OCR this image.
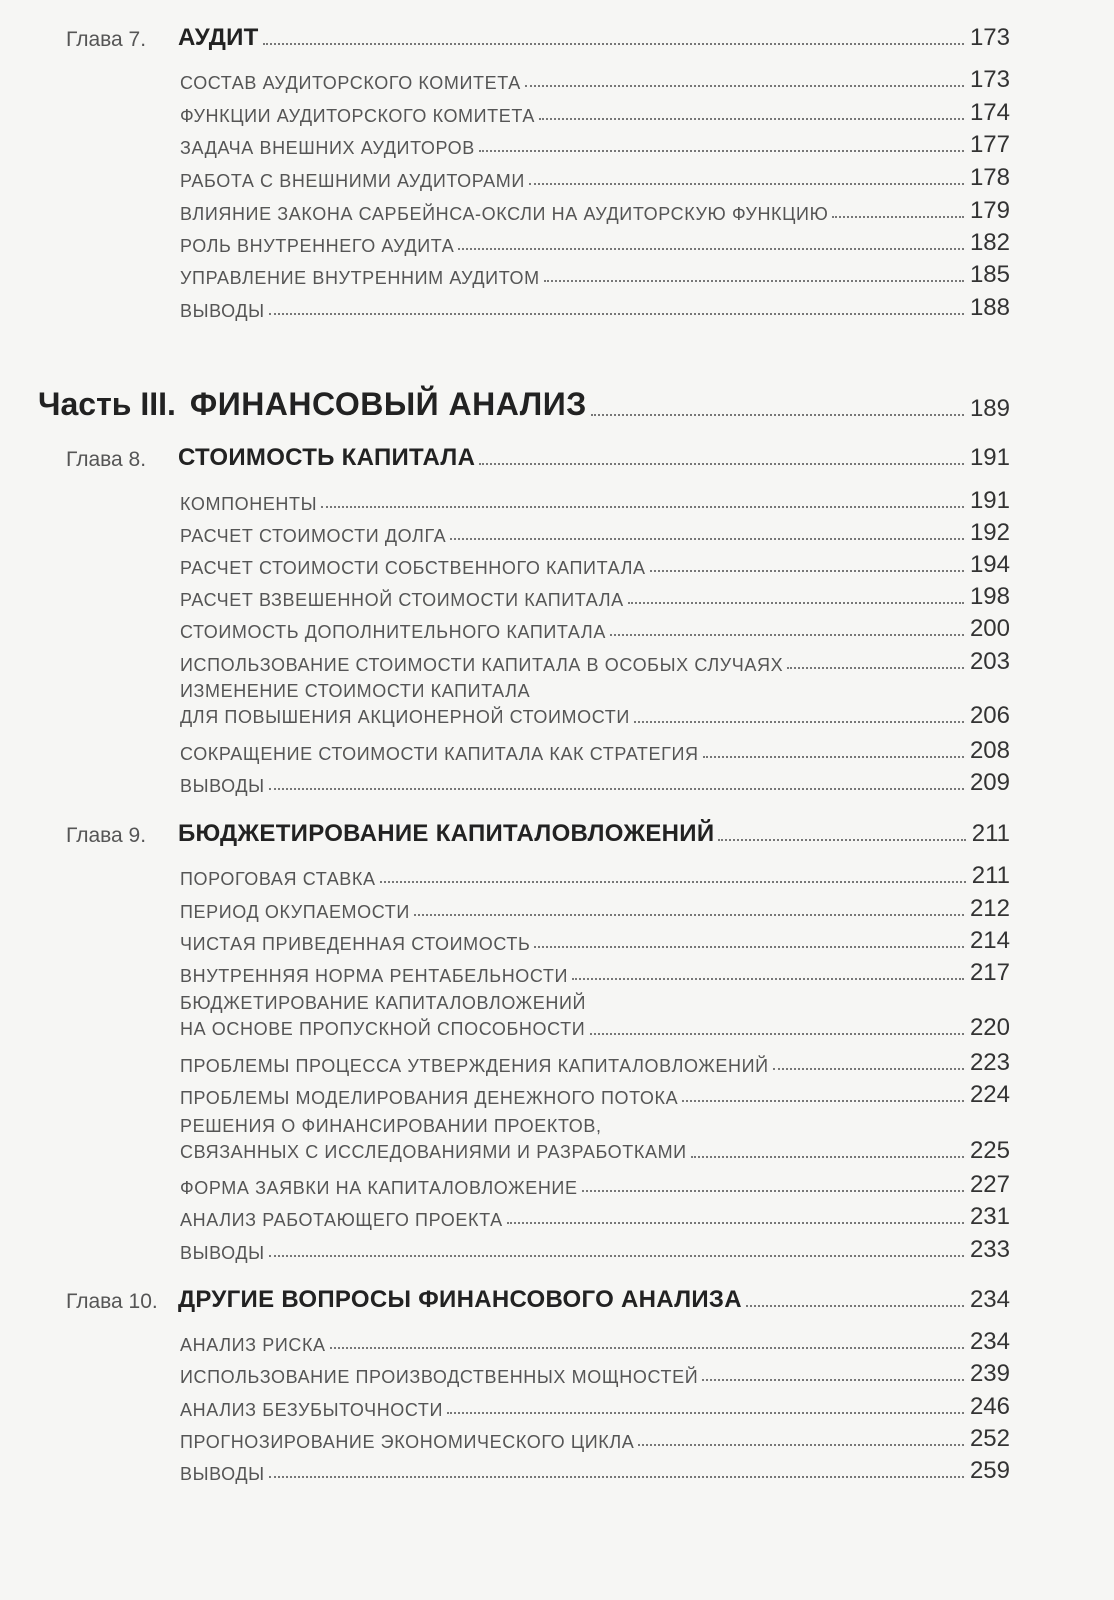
Глава 7.	АУДИТ	173
СОСТАВ АУДИТОРСКОГО КОМИТЕТА	173
ФУНКЦИИ АУДИТОРСКОГО КОМИТЕТА	174
ЗАДАЧА ВНЕШНИХ АУДИТОРОВ	177
РАБОТА С ВНЕШНИМИ АУДИТОРАМИ	178
ВЛИЯНИЕ ЗАКОНА САРБЕЙНСА-ОКСЛИ НА АУДИТОРСКУЮ ФУНКЦИЮ	179
РОЛЬ ВНУТРЕННЕГО АУДИТА	182
УПРАВЛЕНИЕ ВНУТРЕННИМ АУДИТОМ	185
ВЫВОДЫ	188
Часть III. ФИНАНСОВЫЙ АНАЛИЗ	189
Глава 8.	СТОИМОСТЬ КАПИТАЛА	191
КОМПОНЕНТЫ	191
РАСЧЕТ СТОИМОСТИ ДОЛГА	192
РАСЧЕТ СТОИМОСТИ СОБСТВЕННОГО КАПИТАЛА	194
РАСЧЕТ ВЗВЕШЕННОЙ СТОИМОСТИ КАПИТАЛА	198
СТОИМОСТЬ ДОПОЛНИТЕЛЬНОГО КАПИТАЛА	200
ИСПОЛЬЗОВАНИЕ СТОИМОСТИ КАПИТАЛА В ОСОБЫХ СЛУЧАЯХ	203
ИЗМЕНЕНИЕ СТОИМОСТИ КАПИТАЛА
ДЛЯ ПОВЫШЕНИЯ АКЦИОНЕРНОЙ СТОИМОСТИ	206
СОКРАЩЕНИЕ СТОИМОСТИ КАПИТАЛА КАК СТРАТЕГИЯ	208
ВЫВОДЫ	209
Глава 9.	БЮДЖЕТИРОВАНИЕ КАПИТАЛОВЛОЖЕНИЙ	211
ПОРОГОВАЯ СТАВКА	211
ПЕРИОД ОКУПАЕМОСТИ	212
ЧИСТАЯ ПРИВЕДЕННАЯ СТОИМОСТЬ	214
ВНУТРЕННЯЯ НОРМА РЕНТАБЕЛЬНОСТИ	217
БЮДЖЕТИРОВАНИЕ КАПИТАЛОВЛОЖЕНИЙ
НА ОСНОВЕ ПРОПУСКНОЙ СПОСОБНОСТИ	220
ПРОБЛЕМЫ ПРОЦЕССА УТВЕРЖДЕНИЯ КАПИТАЛОВЛОЖЕНИЙ	223
ПРОБЛЕМЫ МОДЕЛИРОВАНИЯ ДЕНЕЖНОГО ПОТОКА	224
РЕШЕНИЯ О ФИНАНСИРОВАНИИ ПРОЕКТОВ,
СВЯЗАННЫХ С ИССЛЕДОВАНИЯМИ И РАЗРАБОТКАМИ	225
ФОРМА ЗАЯВКИ НА КАПИТАЛОВЛОЖЕНИЕ	227
АНАЛИЗ РАБОТАЮЩЕГО ПРОЕКТА	231
ВЫВОДЫ	233
Глава 10. ДРУГИЕ ВОПРОСЫ ФИНАНСОВОГО АНАЛИЗА	234
АНАЛИЗ РИСКА	234
ИСПОЛЬЗОВАНИЕ ПРОИЗВОДСТВЕННЫХ МОЩНОСТЕЙ	239
АНАЛИЗ БЕЗУБЫТОЧНОСТИ	246
ПРОГНОЗИРОВАНИЕ ЭКОНОМИЧЕСКОГО ЦИКЛА	252
ВЫВОДЫ	259
